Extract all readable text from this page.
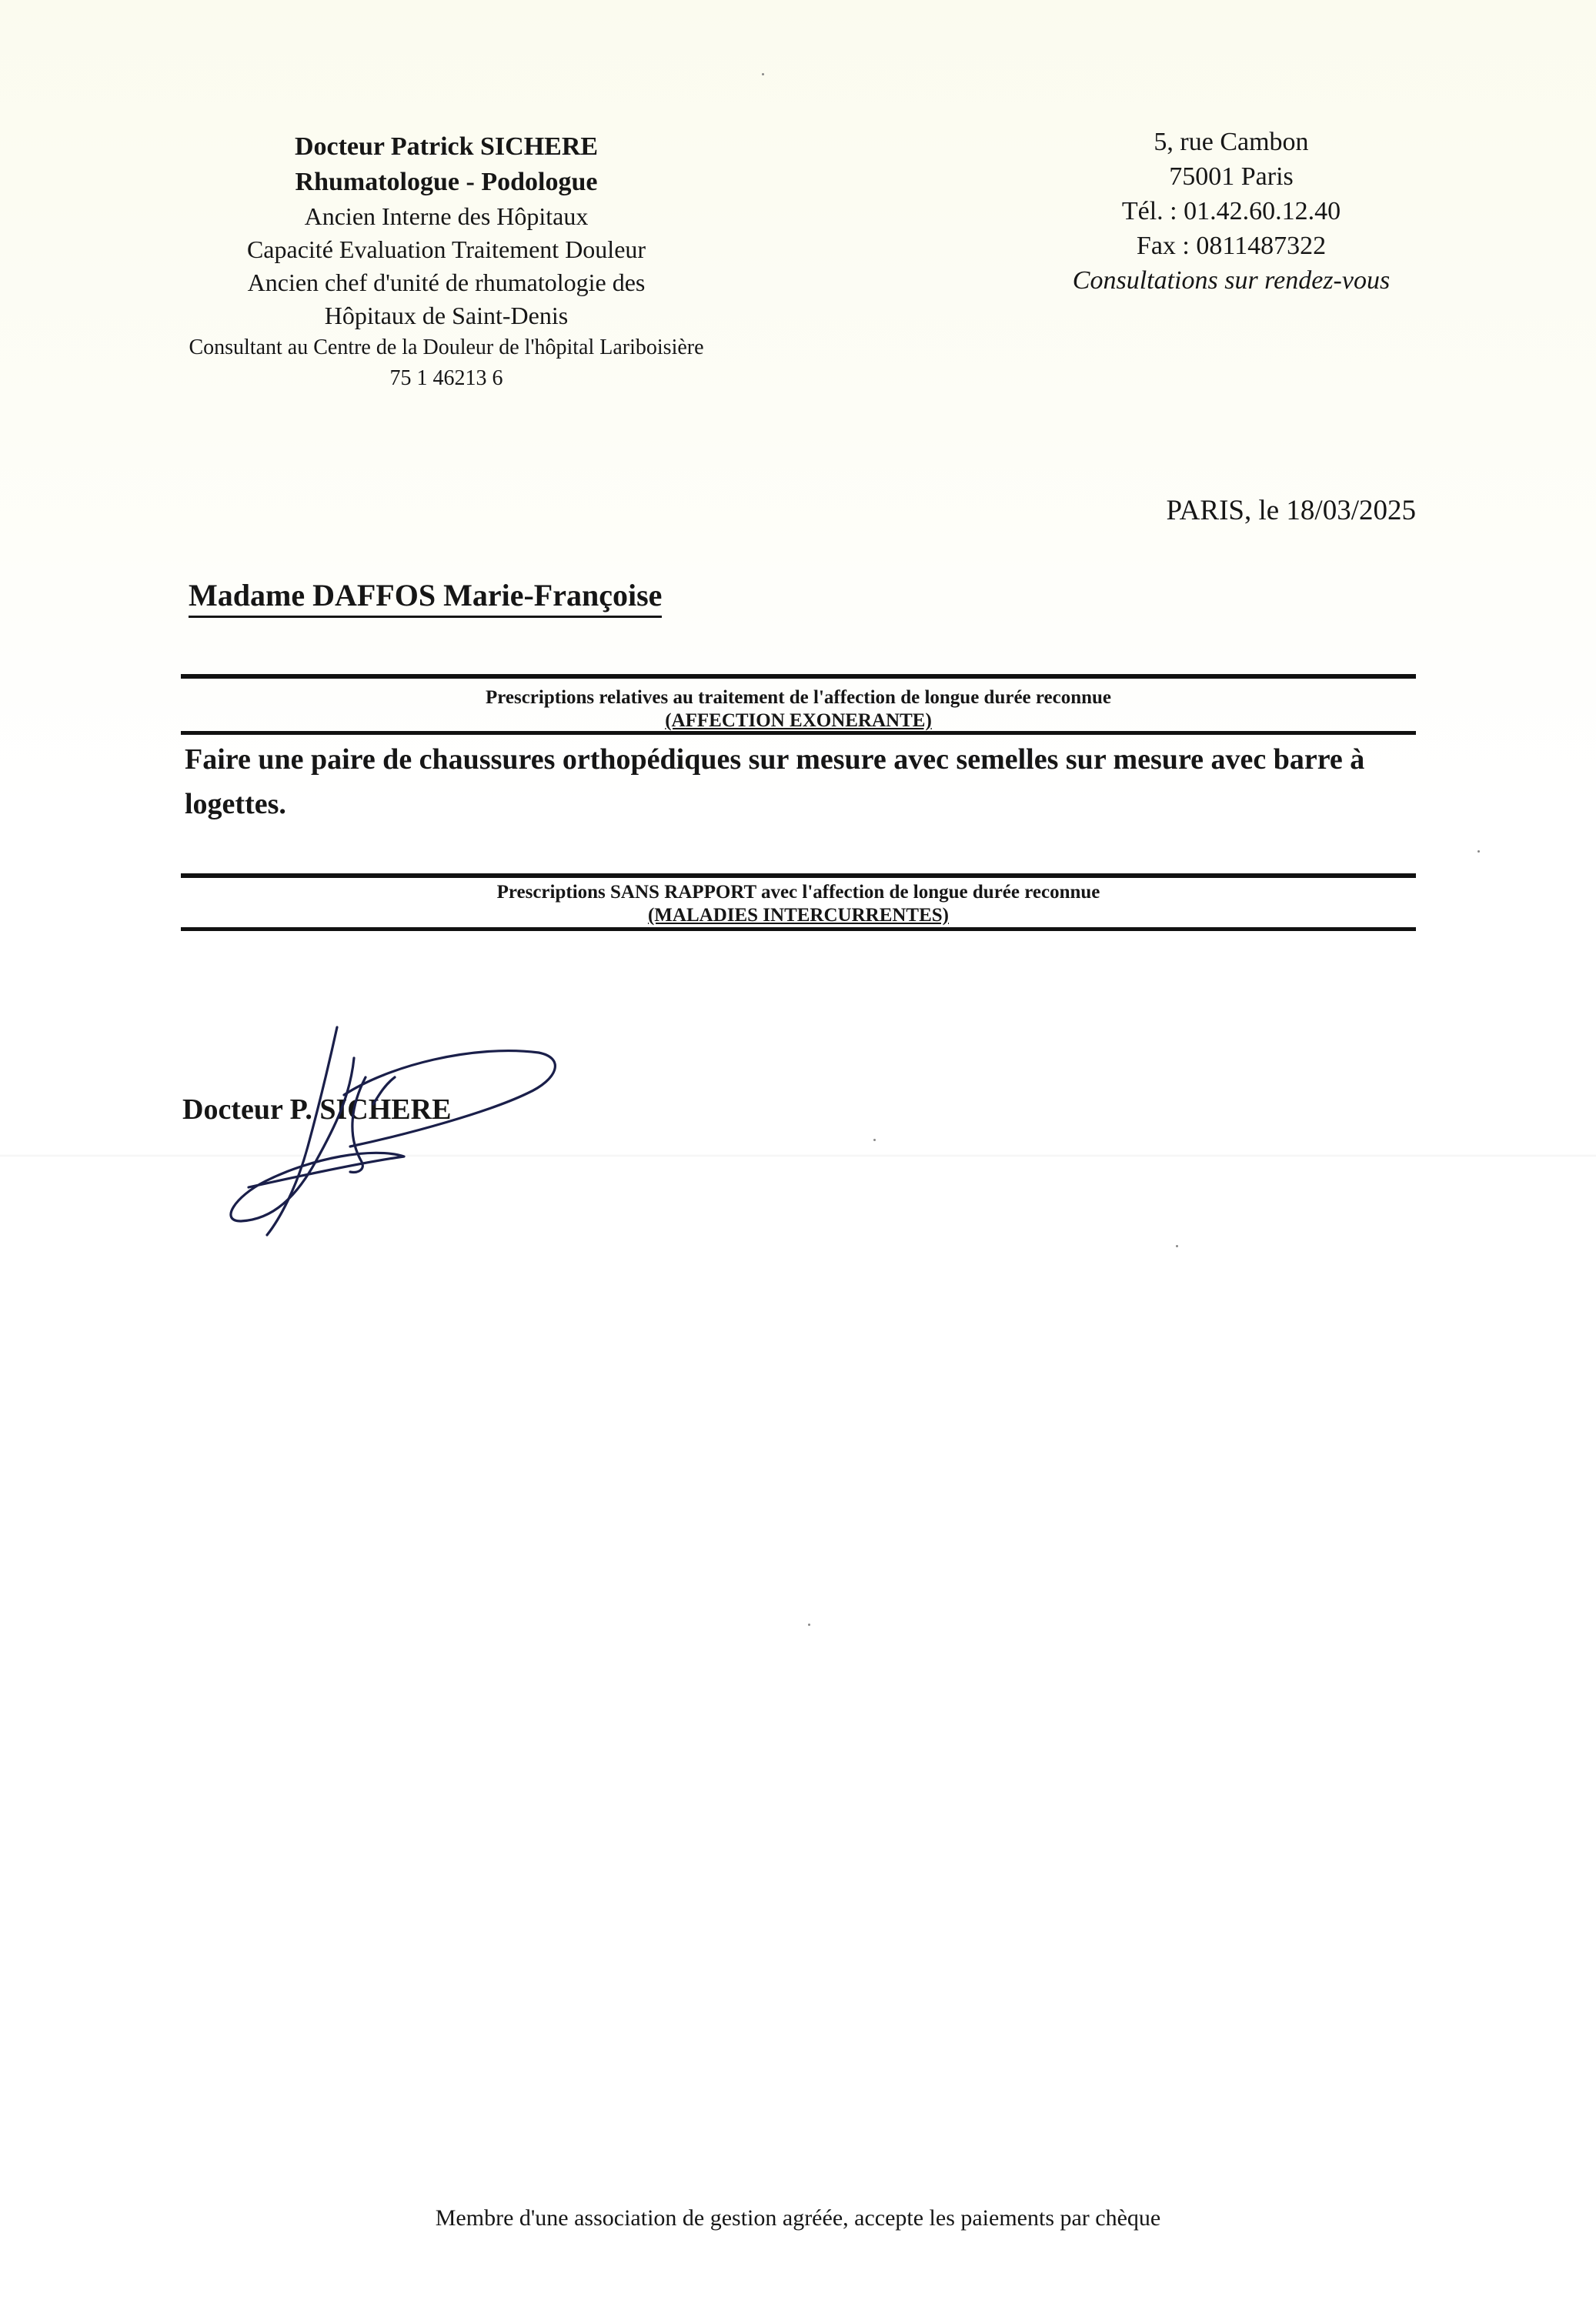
Docteur Patrick SICHERE
Rhumatologue - Podologue
Ancien Interne des Hôpitaux
Capacité Evaluation Traitement Douleur
Ancien chef d'unité de rhumatologie des
Hôpitaux de Saint-Denis
Consultant au Centre de la Douleur de l'hôpital Lariboisière
75 1 46213 6
5, rue Cambon
75001 Paris
Tél. : 01.42.60.12.40
Fax : 0811487322
Consultations sur rendez-vous
PARIS, le 18/03/2025
Madame DAFFOS Marie-Françoise
Prescriptions relatives au traitement de l'affection de longue durée reconnue
(AFFECTION EXONERANTE)
Faire une paire de chaussures orthopédiques sur mesure avec semelles sur mesure avec barre à logettes.
Prescriptions SANS RAPPORT avec l'affection de longue durée reconnue
(MALADIES INTERCURRENTES)
Docteur P. SICHERE
Membre d'une association de gestion agréée, accepte les paiements par chèque
